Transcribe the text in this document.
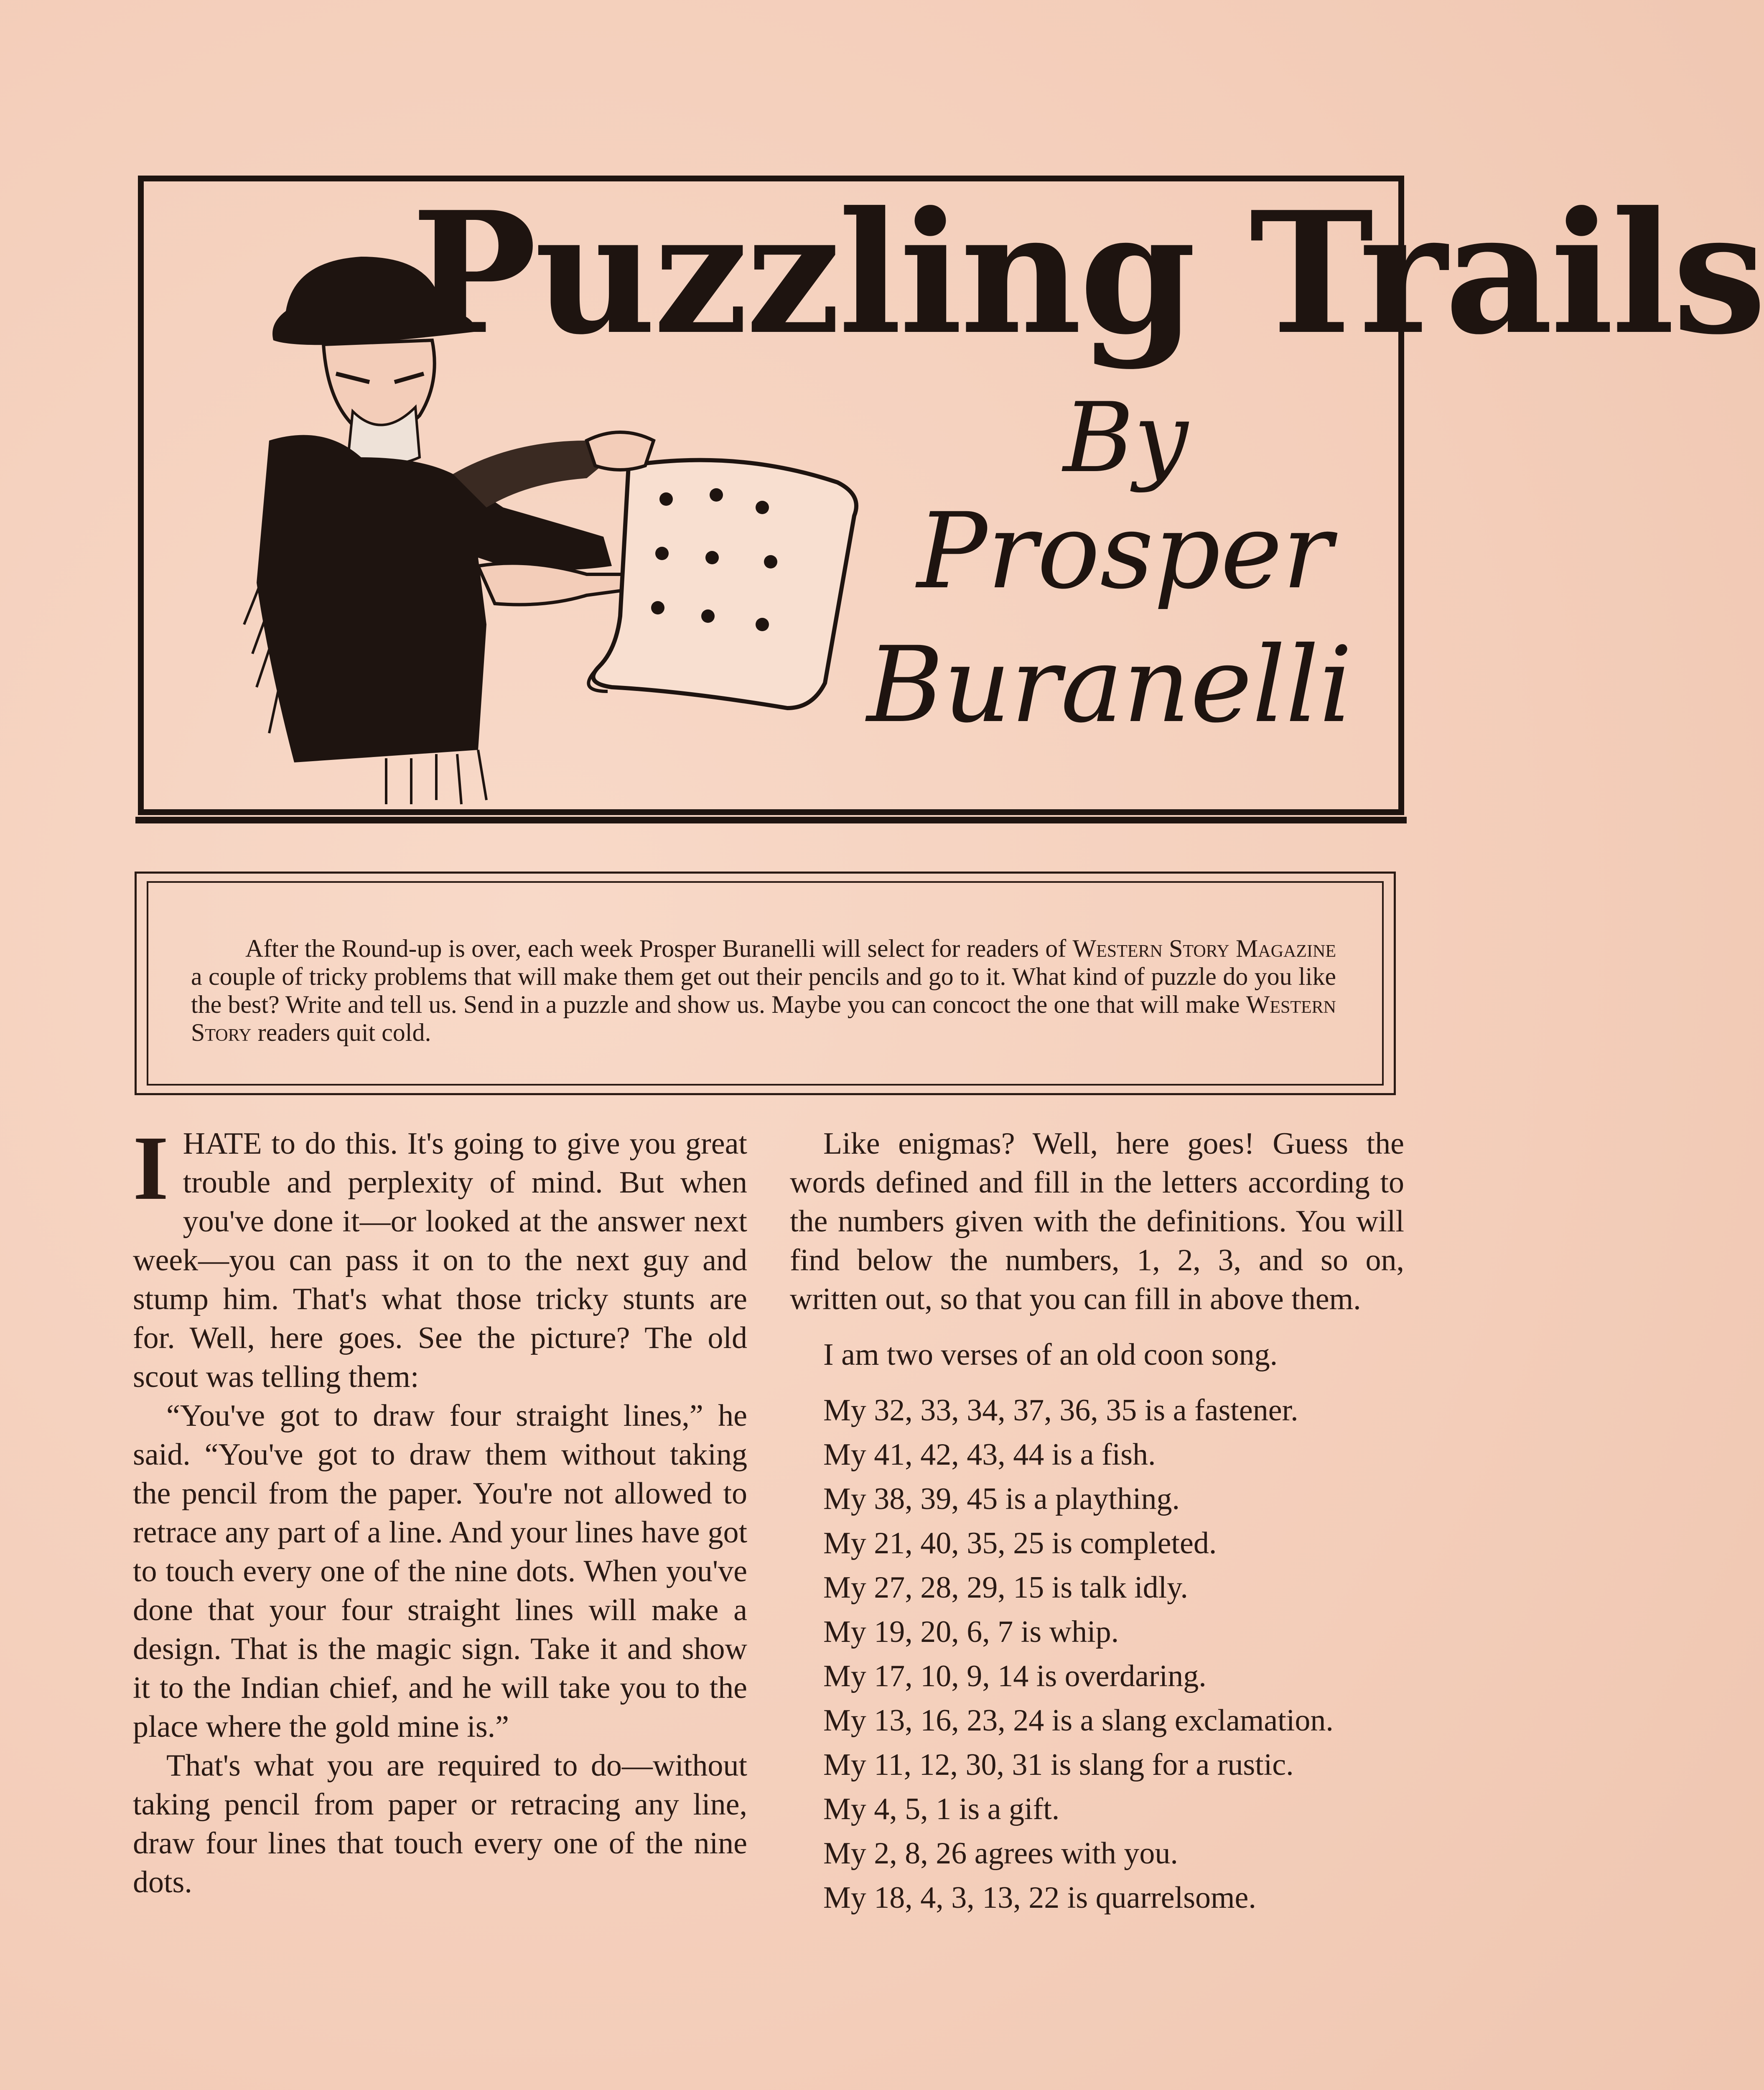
Puzzling Trails
By
Prosper
Buranelli

After the Round-up is over, each week Prosper Buranelli will select for readers of Western Story Magazine a couple of tricky problems that will make them get out their pencils and go to it. What kind of puzzle do you like the best? Write and tell us. Send in a puzzle and show us. Maybe you can concoct the one that will make Western Story readers quit cold.

IHATE to do this. It's going to give you great trouble and perplexity of mind. But when you've done it—or looked at the answer next week—you can pass it on to the next guy and stump him. That's what those tricky stunts are for. Well, here goes. See the picture? The old scout was telling them:

“You've got to draw four straight lines,” he said. “You've got to draw them without taking the pencil from the paper. You're not allowed to retrace any part of a line. And your lines have got to touch every one of the nine dots. When you've done that your four straight lines will make a design. That is the magic sign. Take it and show it to the Indian chief, and he will take you to the place where the gold mine is.”

That's what you are required to do—without taking pencil from paper or retracing any line, draw four lines that touch every one of the nine dots.

Like enigmas? Well, here goes! Guess the words defined and fill in the letters according to the numbers given with the definitions. You will find below the numbers, 1, 2, 3, and so on, written out, so that you can fill in above them.

I am two verses of an old coon song.

My 32, 33, 34, 37, 36, 35 is a fastener.
My 41, 42, 43, 44 is a fish.
My 38, 39, 45 is a plaything.
My 21, 40, 35, 25 is completed.
My 27, 28, 29, 15 is talk idly.
My 19, 20, 6, 7 is whip.
My 17, 10, 9, 14 is overdaring.
My 13, 16, 23, 24 is a slang exclamation.
My 11, 12, 30, 31 is slang for a rustic.
My 4, 5, 1 is a gift.
My 2, 8, 26 agrees with you.
My 18, 4, 3, 13, 22 is quarrelsome.
